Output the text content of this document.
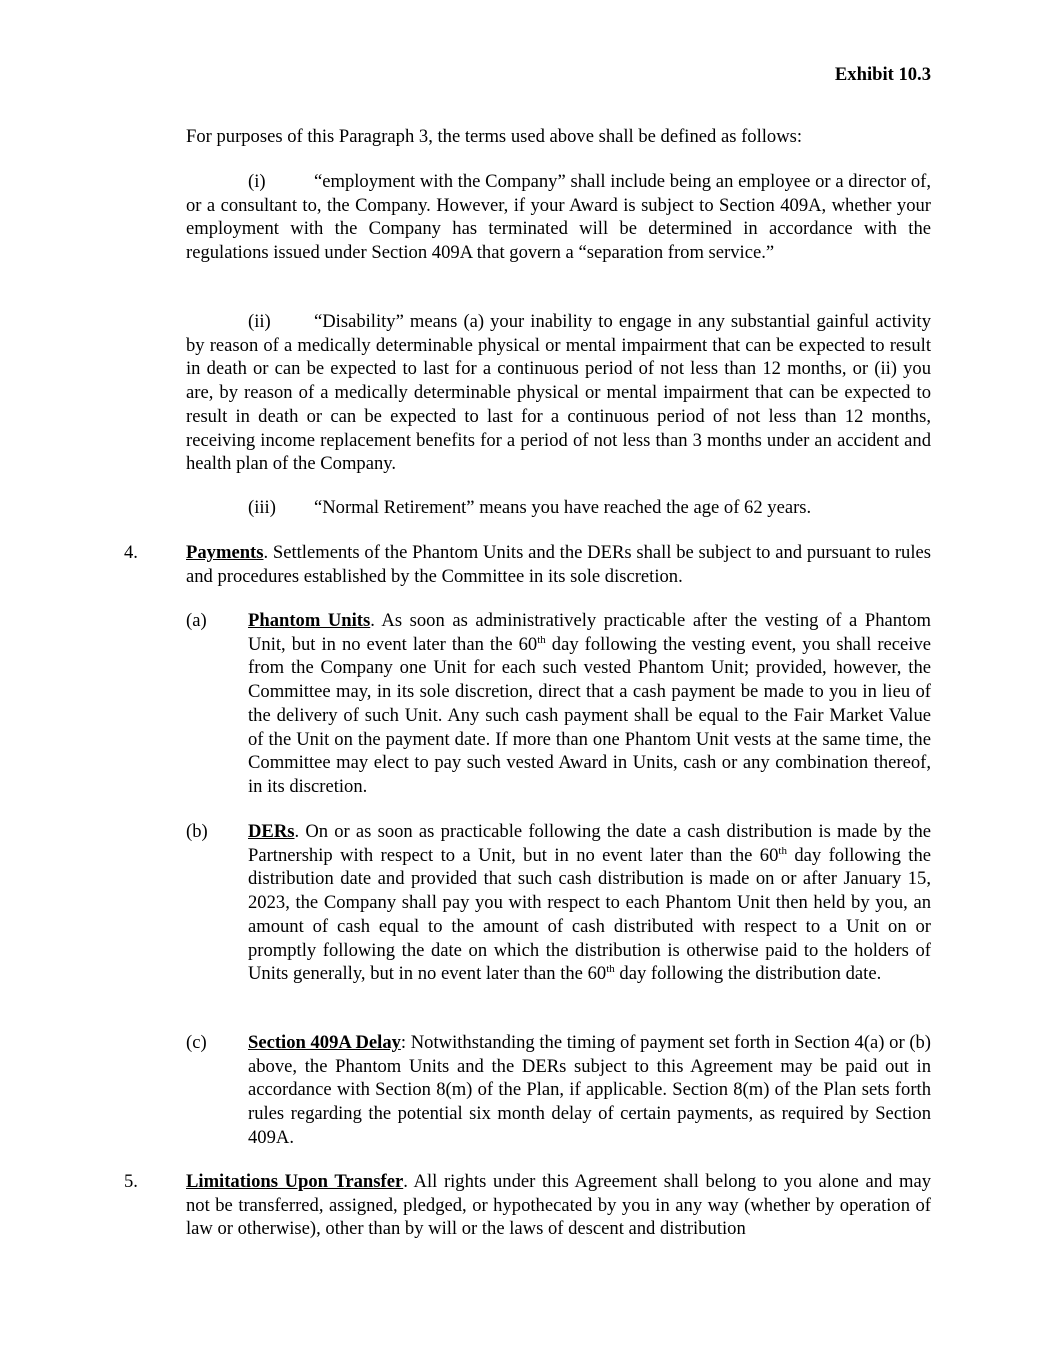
Exhibit 10.3
For purposes of this Paragraph 3, the terms used above shall be defined as follows:
(i)	“employment with the Company” shall include being an employee or a director of, or a consultant to, the Company. However, if your Award is subject to Section 409A, whether your employment with the Company has terminated will be determined in accordance with the regulations issued under Section 409A that govern a “separation from service.”
(ii) “Disability” means (a) your inability to engage in any substantial gainful activity by reason of a medically determinable physical or mental impairment that can be expected to result in death or can be expected to last for a continuous period of not less than 12 months, or (ii) you are, by reason of a medically determinable physical or mental impairment that can be expected to result in death or can be expected to last for a continuous period of not less than 12 months, receiving income replacement benefits for a period of not less than 3 months under an accident and health plan of the Company.
(iii) “Normal Retirement” means you have reached the age of 62 years.
4.	Payments. Settlements of the Phantom Units and the DERs shall be subject to and pursuant to rules and procedures established by the Committee in its sole discretion.
(a) Phantom Units. As soon as administratively practicable after the vesting of a Phantom Unit, but in no event later than the 60th day following the vesting event, you shall receive from the Company one Unit for each such vested Phantom Unit; provided, however, the Committee may, in its sole discretion, direct that a cash payment be made to you in lieu of the delivery of such Unit. Any such cash payment shall be equal to the Fair Market Value of the Unit on the payment date. If more than one Phantom Unit vests at the same time, the Committee may elect to pay such vested Award in Units, cash or any combination thereof, in its discretion.
(b) DERs. On or as soon as practicable following the date a cash distribution is made by the Partnership with respect to a Unit, but in no event later than the 60th day following the distribution date and provided that such cash distribution is made on or after January 15, 2023, the Company shall pay you with respect to each Phantom Unit then held by you, an amount of cash equal to the amount of cash distributed with respect to a Unit on or promptly following the date on which the distribution is otherwise paid to the holders of Units generally, but in no event later than the 60th day following the distribution date.
(c) Section 409A Delay: Notwithstanding the timing of payment set forth in Section 4(a) or (b) above, the Phantom Units and the DERs subject to this Agreement may be paid out in accordance with Section 8(m) of the Plan, if applicable. Section 8(m) of the Plan sets forth rules regarding the potential six month delay of certain payments, as required by Section 409A.
5.	Limitations Upon Transfer. All rights under this Agreement shall belong to you alone and may not be transferred, assigned, pledged, or hypothecated by you in any way (whether by operation of law or otherwise), other than by will or the laws of descent and distribution
